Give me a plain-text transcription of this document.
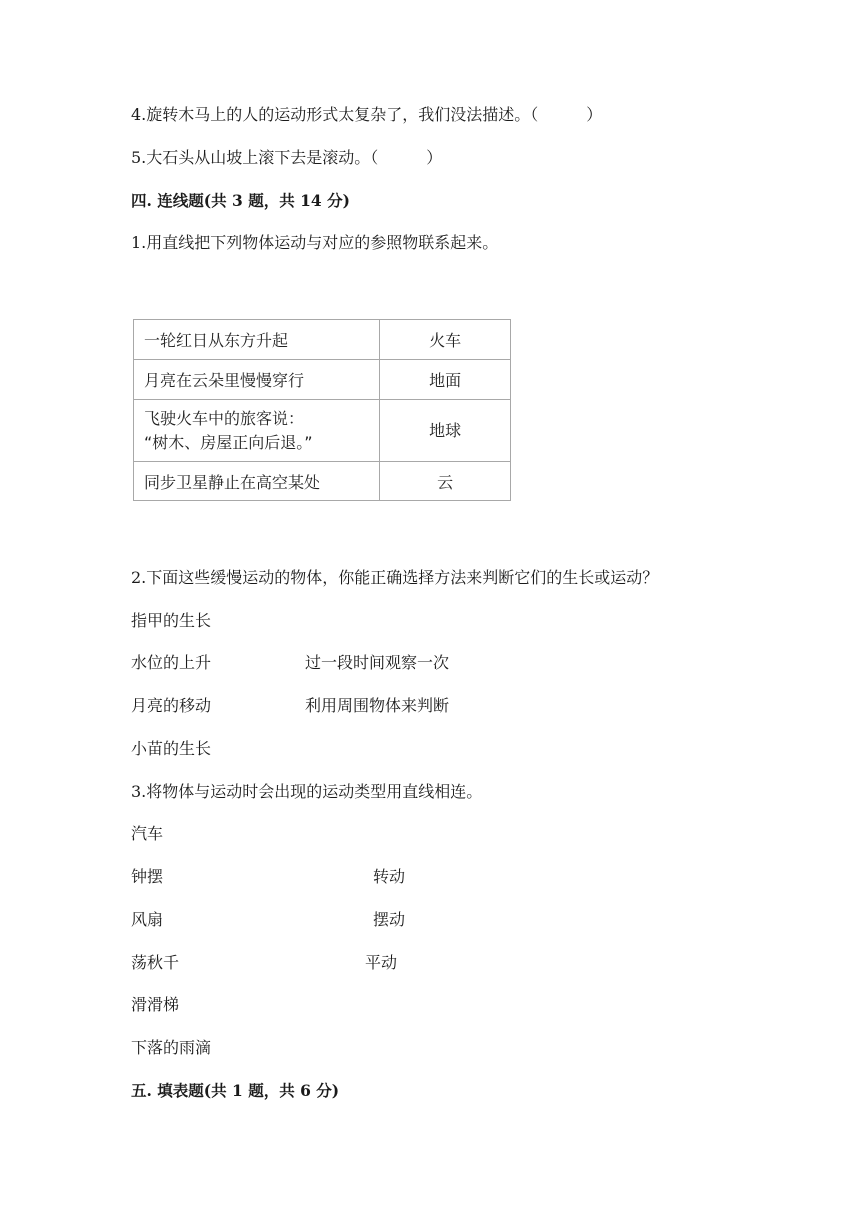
4.旋转木马上的人的运动形式太复杂了，我们没法描述。（　　　）
5.大石头从山坡上滚下去是滚动。（　　　）
四. 连线题(共 3 题，共 14 分)
1.用直线把下列物体运动与对应的参照物联系起来。
一轮红日从东方升起	火车
月亮在云朵里慢慢穿行	地面

飞驶火车中的旅客说：
“树木、房屋正向后退。”	地球
同步卫星静止在高空某处	云
2.下面这些缓慢运动的物体，你能正确选择方法来判断它们的生长或运动？
指甲的生长
水位的上升	过一段时间观察一次
月亮的移动	利用周围物体来判断
小苗的生长
3.将物体与运动时会出现的运动类型用直线相连。
汽车
钟摆	转动
风扇	摆动
荡秋千	平动
滑滑梯
下落的雨滴
五. 填表题(共 1 题，共 6 分)
